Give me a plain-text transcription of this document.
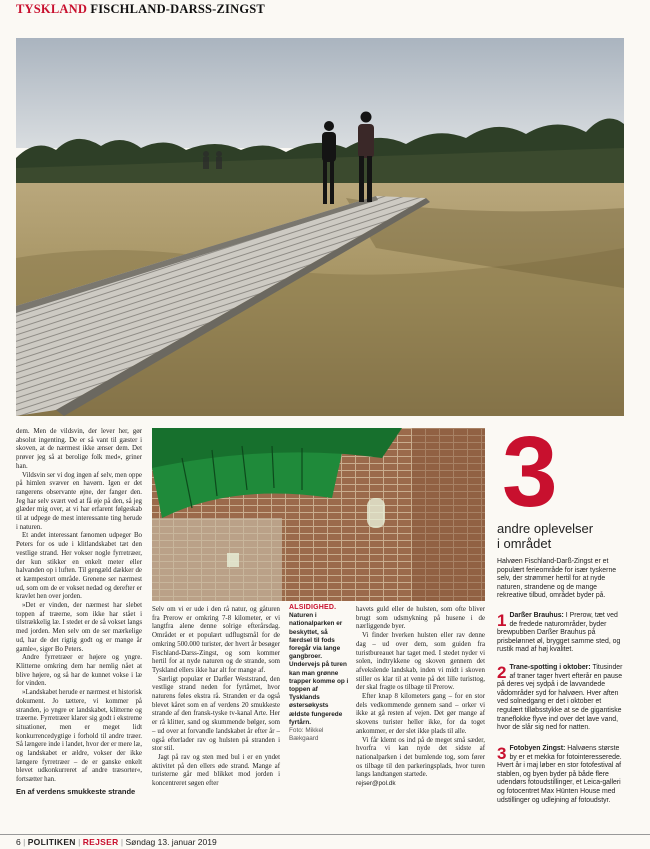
TYSKLAND FISCHLAND-DARSS-ZINGST

dem. Men de vildsvin, der lever her, gør absolut ingenting. De er så vant til gæster i skoven, at de nærmest ikke ænser dem. Det prøver jeg så at berolige folk med«, griner han.

Vildsvin ser vi dog ingen af selv, men oppe på himlen svæver en havørn. Igen er det rangerens observante øjne, der fanger den. Jeg har selv svært ved at få øje på den, så jeg glæder mig over, at vi har erfarent følgeskab til at udpege de mest interessante ting herude i naturen.

Et andet interessant fænomen udpeger Bo Peters for os ude i klitlandskabet tæt den vestlige strand. Her vokser nogle fyrretræer, der kun stikker en enkelt meter eller halvanden op i luften. Til gengæld dækker de et kæmpestort område. Grenene ser nærmest ud, som om de er vokset nedad og derefter er kravlet hen over jorden.

»Det er vinden, der nærmest har slebet toppen af træerne, som ikke har stået i tilstrækkelig læ. I stedet er de så vokset langs med jorden. Men selv om de ser mærkelige ud, har de det rigtig godt og er mange år gamle«, siger Bo Peters.

Andre fyrretræer er højere og yngre. Klitterne omkring dem har nemlig nået at blive højere, og så har de kunnet vokse i læ for vinden.

»Landskabet herude er nærmest et historisk dokument. Jo tættere, vi kommer på stranden, jo yngre er landskabet, klitterne og træerne. Fyrretræer klarer sig godt i ekstreme situationer, men er meget lidt konkurrencedygtige i forhold til andre træer. Så længere inde i landet, hvor der er mere læ, og landskabet er ældre, vokser der ikke længere fyrretræer – de er ganske enkelt blevet udkonkurreret af andre træsorter«, fortsætter han.

En af verdens smukkeste strande

Selv om vi er ude i den rå natur, og gåturen fra Prerow er omkring 7-8 kilometer, er vi langtfra alene denne solrige efterårsdag. Området er et populært udflugtsmål for de omkring 500.000 turister, der hvert år besøger Fischland-Darss-Zingst, og som kommer hertil for at nyde naturen og de strande, som Tyskland ellers ikke har alt for mange af.

Særligt populær er Darßer Weststrand, den vestlige strand neden for fyrtårnet, hvor naturens føles ekstra rå. Stranden er da også blevet kåret som en af verdens 20 smukkeste strande af den fransk-tyske tv-kanal Arte. Her er rå klitter, sand og skummende bølger, som – ud over at forvandle landskabet år efter år – også efterlader rav og hulsten på stranden i stor stil.

Jagt på rav og sten med bul i er en yndet aktivitet på den ellers øde strand. Mange af turisterne går med blikket mod jorden i koncentreret søgen efter

ALSIDIGHED.
Naturen i nationalparken er beskyttet, så færdsel til fods foregår via lange gangbroer. Undervejs på turen kan man grønne trapper komme op i toppen af Tysklands østersøkysts ældste fungerede fyrtårn.
Foto: Mikkel Bækgaard

havets guld eller de hulsten, som ofte bliver brugt som udsmykning på husene i de nærliggende byer.

Vi finder hverken hulsten eller rav denne dag – ud over dem, som guiden fra turistbureauet har taget med. I stedet nyder vi solen, indtrykkene og skoven gennem det afvekslende landskab, inden vi midt i skoven stiller os klar til at vente på det lille turisttog, der skal fragte os tilbage til Prerow.

Efter knap 8 kilometers gang – for en stor dels vedkommende gennem sand – orker vi ikke at gå resten af vejen. Det gør mange af skovens turister heller ikke, for da toget ankommer, er der slet ikke plads til alle.

Vi får klemt os ind på de meget små sæder, hvorfra vi kan nyde det sidste af nationalparken i det bumlende tog, som fører os tilbage til den parkeringsplads, hvor turen langs landtangen startede.

rejser@pol.dk

3
andre oplevelser
i området
Halvøen Fischland-Darß-Zingst er et populært ferieområde for især tyskerne selv, der strømmer hertil for at nyde naturen, strandene og de mange rekreative tilbud, området byder på.
1 Darßer Brauhus: I Prerow, tæt ved de fredede naturområder, byder brewpubben Darßer Brauhus på prisbelønnet øl, brygget samme sted, og rustik mad af høj kvalitet.
2 Trane-spotting i oktober: Titusinder af traner tager hvert efterår en pause på deres vej sydpå i de lavvandede vådområder syd for halvøen. Hver aften ved solnedgang er det i oktober et regulært tilløbsstykke at se de gigantiske traneflokke flyve ind over det lave vand, hvor de slår sig ned for natten.
3 Fotobyen Zingst: Halvøens største by er et mekka for fotointeresserede. Hvert år i maj løber en stor fotofestival af stablen, og byen byder på både flere udendørs fotoudstillinger, et Leica-galleri og fotocentret Max Hünten House med udstillinger og udlejning af fotoudstyr.
6 | POLITIKEN | REJSER | Søndag 13. januar 2019
